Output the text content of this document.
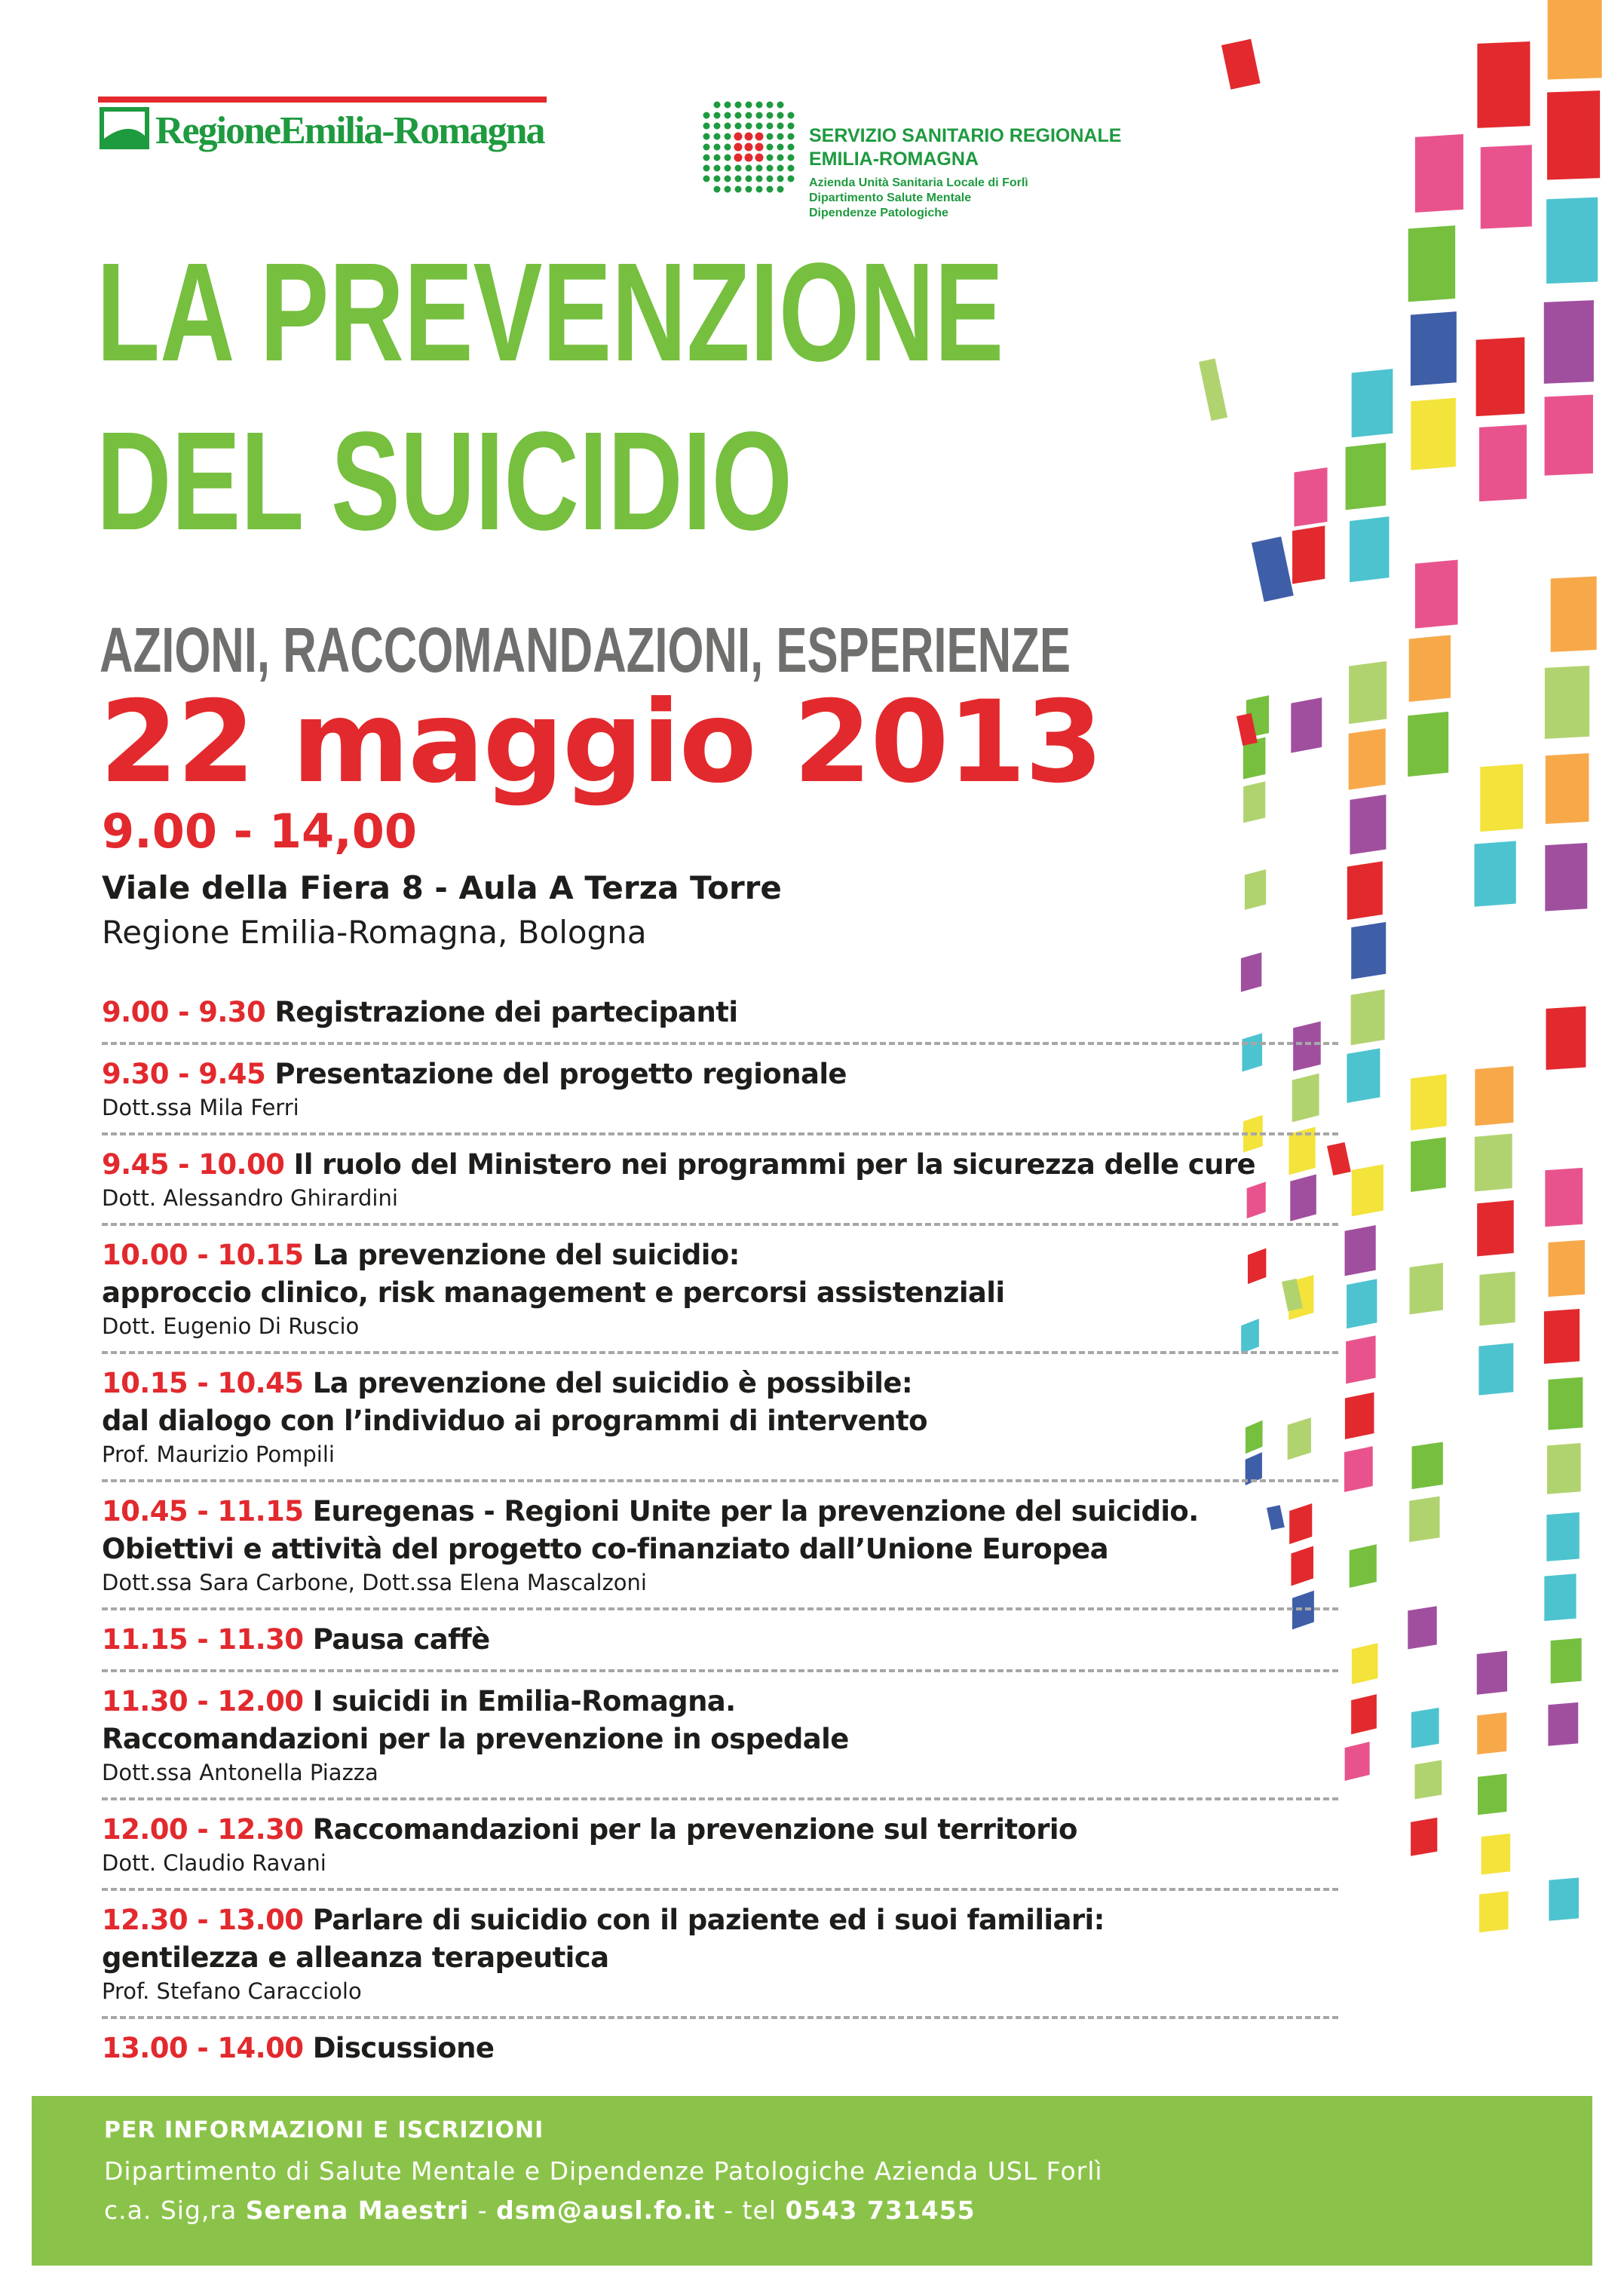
RegioneEmilia-Romagna	SERVIZIO SANITARIO REGIONALE
EMILIA-ROMAGNA
Azienda Unità Sanitaria Locale di Forlì
Dipartimento Salute Mentale
Dipendenze Patologiche
LA PREVENZIONE
DEL SUICIDIO
AZIONI, RACCOMANDAZIONI, ESPERIENZE
22 maggio 2013
9.00 - 14,00
Viale della Fiera 8 - Aula A Terza Torre
Regione Emilia-Romagna, Bologna
9.00 - 9.30 Registrazione dei partecipanti
9.30 - 9.45 Presentazione del progetto regionale
Dott.ssa Mila Ferri
9.45 - 10.00 Il ruolo del Ministero nei programmi per la sicurezza delle cure
Dott. Alessandro Ghirardini
10.00 - 10.15 La prevenzione del suicidio:
approccio clinico, risk management e percorsi assistenziali
Dott. Eugenio Di Ruscio
10.15 - 10.45 La prevenzione del suicidio è possibile:
dal dialogo con l’individuo ai programmi di intervento
Prof. Maurizio Pompili
10.45 - 11.15 Euregenas - Regioni Unite per la prevenzione del suicidio.
Obiettivi e attività del progetto co-finanziato dall’Unione Europea
Dott.ssa Sara Carbone, Dott.ssa Elena Mascalzoni
11.15 - 11.30 Pausa caffè
11.30 - 12.00 I suicidi in Emilia-Romagna.
Raccomandazioni per la prevenzione in ospedale
Dott.ssa Antonella Piazza
12.00 - 12.30 Raccomandazioni per la prevenzione sul territorio
Dott. Claudio Ravani
12.30 - 13.00 Parlare di suicidio con il paziente ed i suoi familiari:
gentilezza e alleanza terapeutica
Prof. Stefano Caracciolo
13.00 - 14.00 Discussione
PER INFORMAZIONI E ISCRIZIONI
Dipartimento di Salute Mentale e Dipendenze Patologiche Azienda USL Forlì
c.a. Sig,ra Serena Maestri - dsm@ausl.fo.it - tel 0543 731455
